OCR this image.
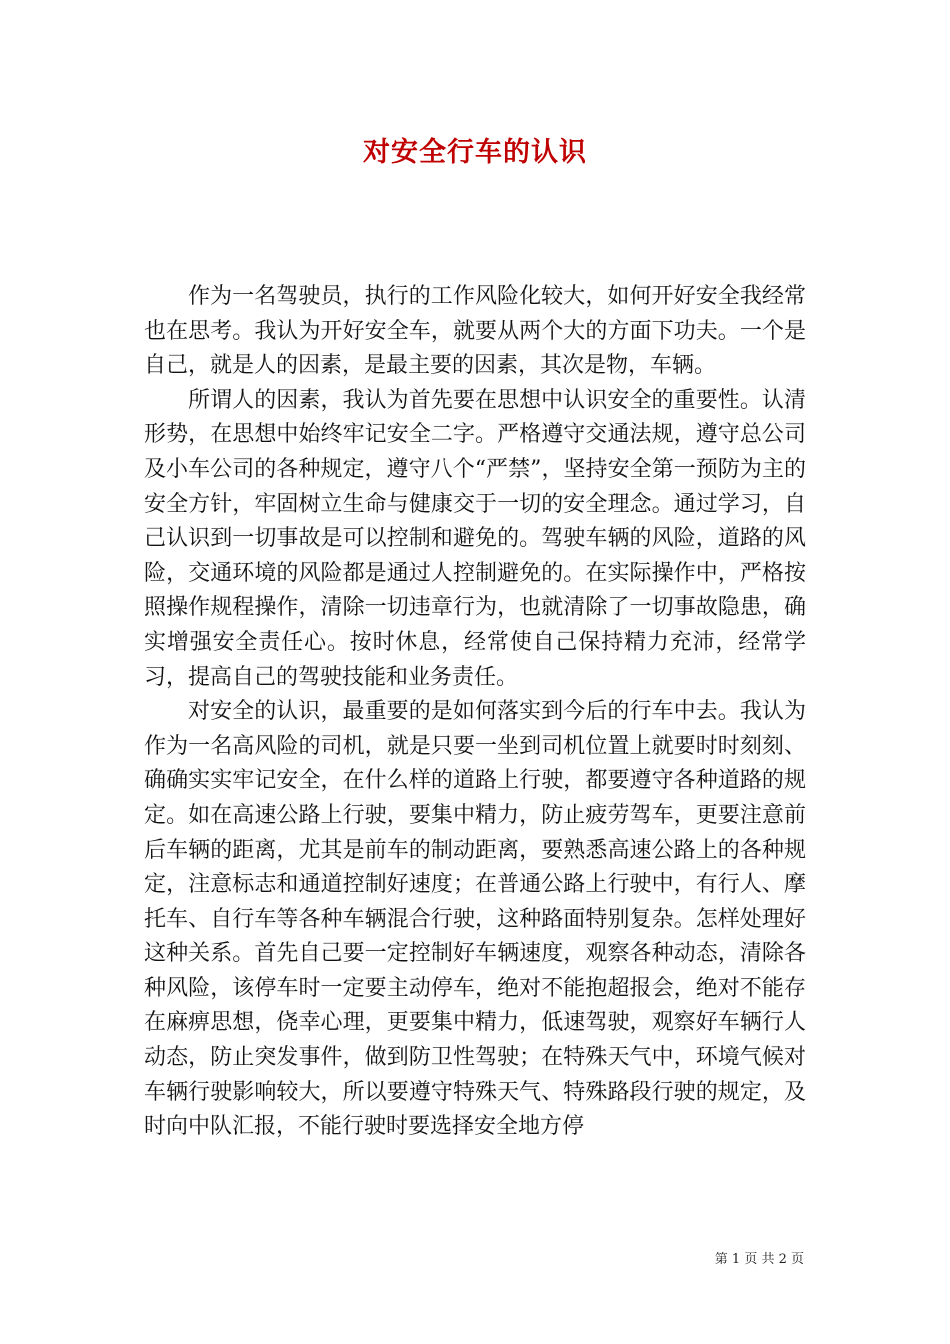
对安全行车的认识

作为一名驾驶员，执行的工作风险化较大，如何开好安全我经常也在思考。我认为开好安全车，就要从两个大的方面下功夫。一个是自己，就是人的因素，是最主要的因素，其次是物，车辆。

所谓人的因素，我认为首先要在思想中认识安全的重要性。认清形势，在思想中始终牢记安全二字。严格遵守交通法规，遵守总公司及小车公司的各种规定，遵守八个“严禁”，坚持安全第一预防为主的安全方针，牢固树立生命与健康交于一切的安全理念。通过学习，自己认识到一切事故是可以控制和避免的。驾驶车辆的风险，道路的风险，交通环境的风险都是通过人控制避免的。在实际操作中，严格按照操作规程操作，清除一切违章行为，也就清除了一切事故隐患，确实增强安全责任心。按时休息，经常使自己保持精力充沛，经常学习，提高自己的驾驶技能和业务责任。

对安全的认识，最重要的是如何落实到今后的行车中去。我认为作为一名高风险的司机，就是只要一坐到司机位置上就要时时刻刻、确确实实牢记安全，在什么样的道路上行驶，都要遵守各种道路的规定。如在高速公路上行驶，要集中精力，防止疲劳驾车，更要注意前后车辆的距离，尤其是前车的制动距离，要熟悉高速公路上的各种规定，注意标志和通道控制好速度；在普通公路上行驶中，有行人、摩托车、自行车等各种车辆混合行驶，这种路面特别复杂。怎样处理好这种关系。首先自己要一定控制好车辆速度，观察各种动态，清除各种风险，该停车时一定要主动停车，绝对不能抱超报会，绝对不能存在麻痹思想，侥幸心理，更要集中精力，低速驾驶，观察好车辆行人动态，防止突发事件，做到防卫性驾驶；在特殊天气中，环境气候对车辆行驶影响较大，所以要遵守特殊天气、特殊路段行驶的规定，及时向中队汇报，不能行驶时要选择安全地方停

第 1 页 共 2 页
